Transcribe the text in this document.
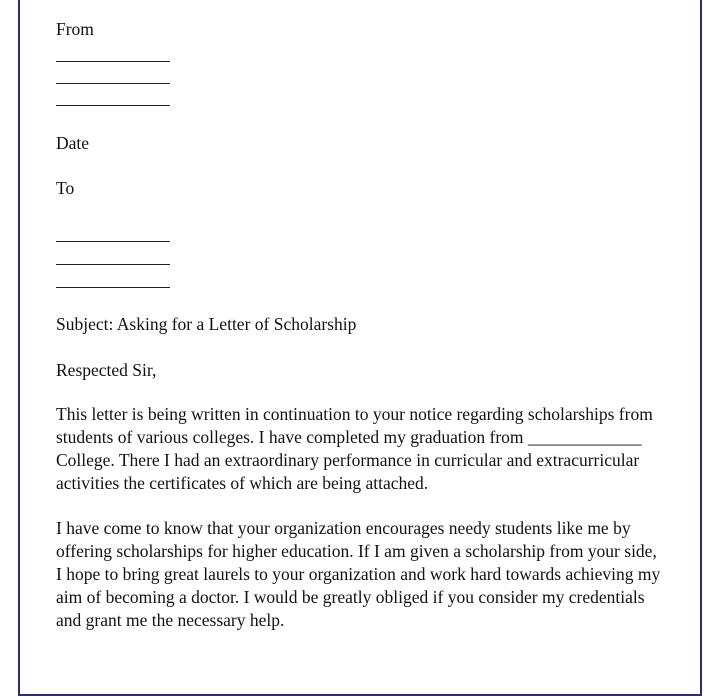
From
Date
To
Subject: Asking for a Letter of Scholarship
Respected Sir,
This letter is being written in continuation to your notice regarding scholarships from
students of various colleges. I have completed my graduation from _____________
College. There I had an extraordinary performance in curricular and extracurricular
activities the certificates of which are being attached.
I have come to know that your organization encourages needy students like me by
offering scholarships for higher education. If I am given a scholarship from your side,
I hope to bring great laurels to your organization and work hard towards achieving my
aim of becoming a doctor. I would be greatly obliged if you consider my credentials
and grant me the necessary help.
